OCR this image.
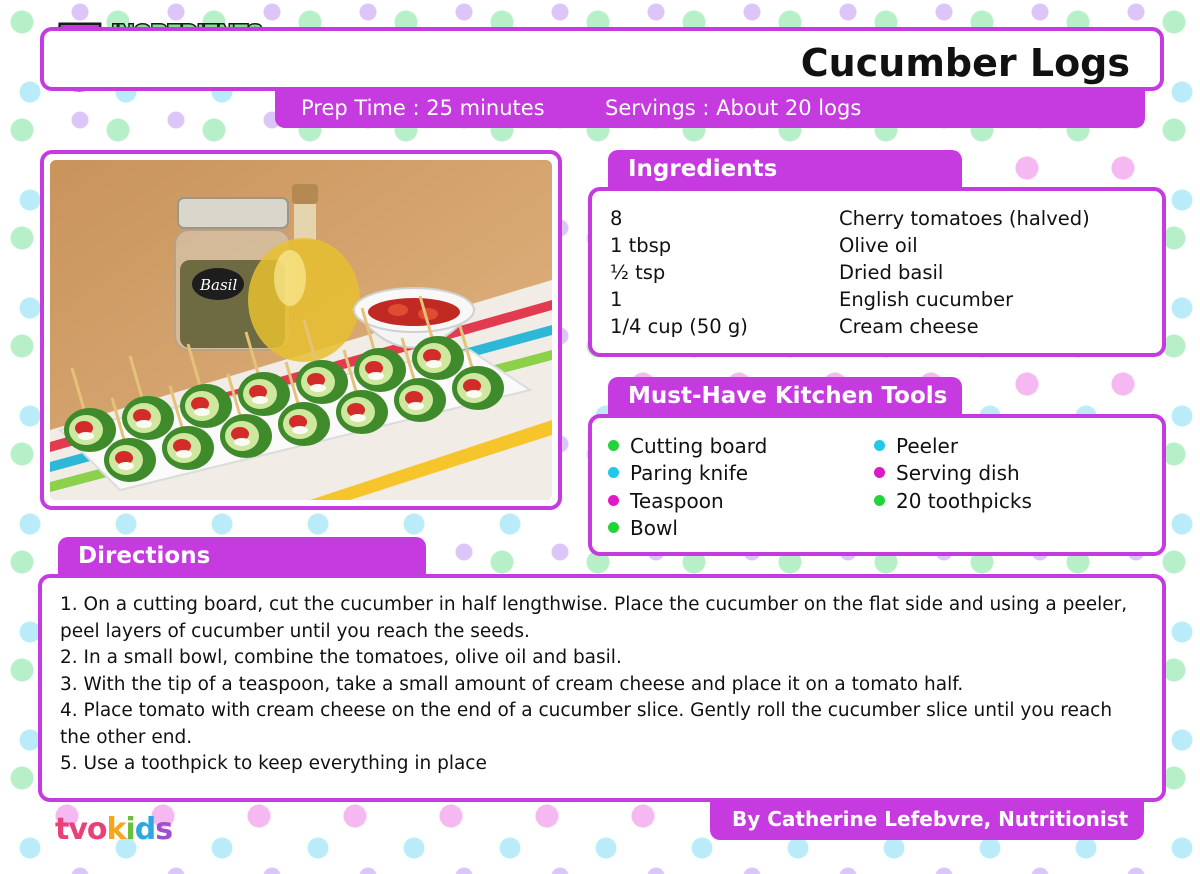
Cucumber Logs
Prep Time : 25 minutes	Servings : About 20 logs
Basil
Ingredients
8	Cherry tomatoes (halved)
1 tbsp	Olive oil
½ tsp	Dried basil
1	English cucumber
1/4 cup (50 g)	Cream cheese
Must-Have Kitchen Tools
Cutting board
Paring knife
Teaspoon
Bowl
Peeler
Serving dish
20 toothpicks
Directions
1. On a cutting board, cut the cucumber in half lengthwise. Place the cucumber on the flat side and using a peeler, peel layers of cucumber until you reach the seeds.
2. In a small bowl, combine the tomatoes, olive oil and basil.
3. With the tip of a teaspoon, take a small amount of cream cheese and place it on a tomato half.
4. Place tomato with cream cheese on the end of a cucumber slice. Gently roll the cucumber slice until you reach the other end.
5. Use a toothpick to keep everything in place
By Catherine Lefebvre, Nutritionist
tvokids
